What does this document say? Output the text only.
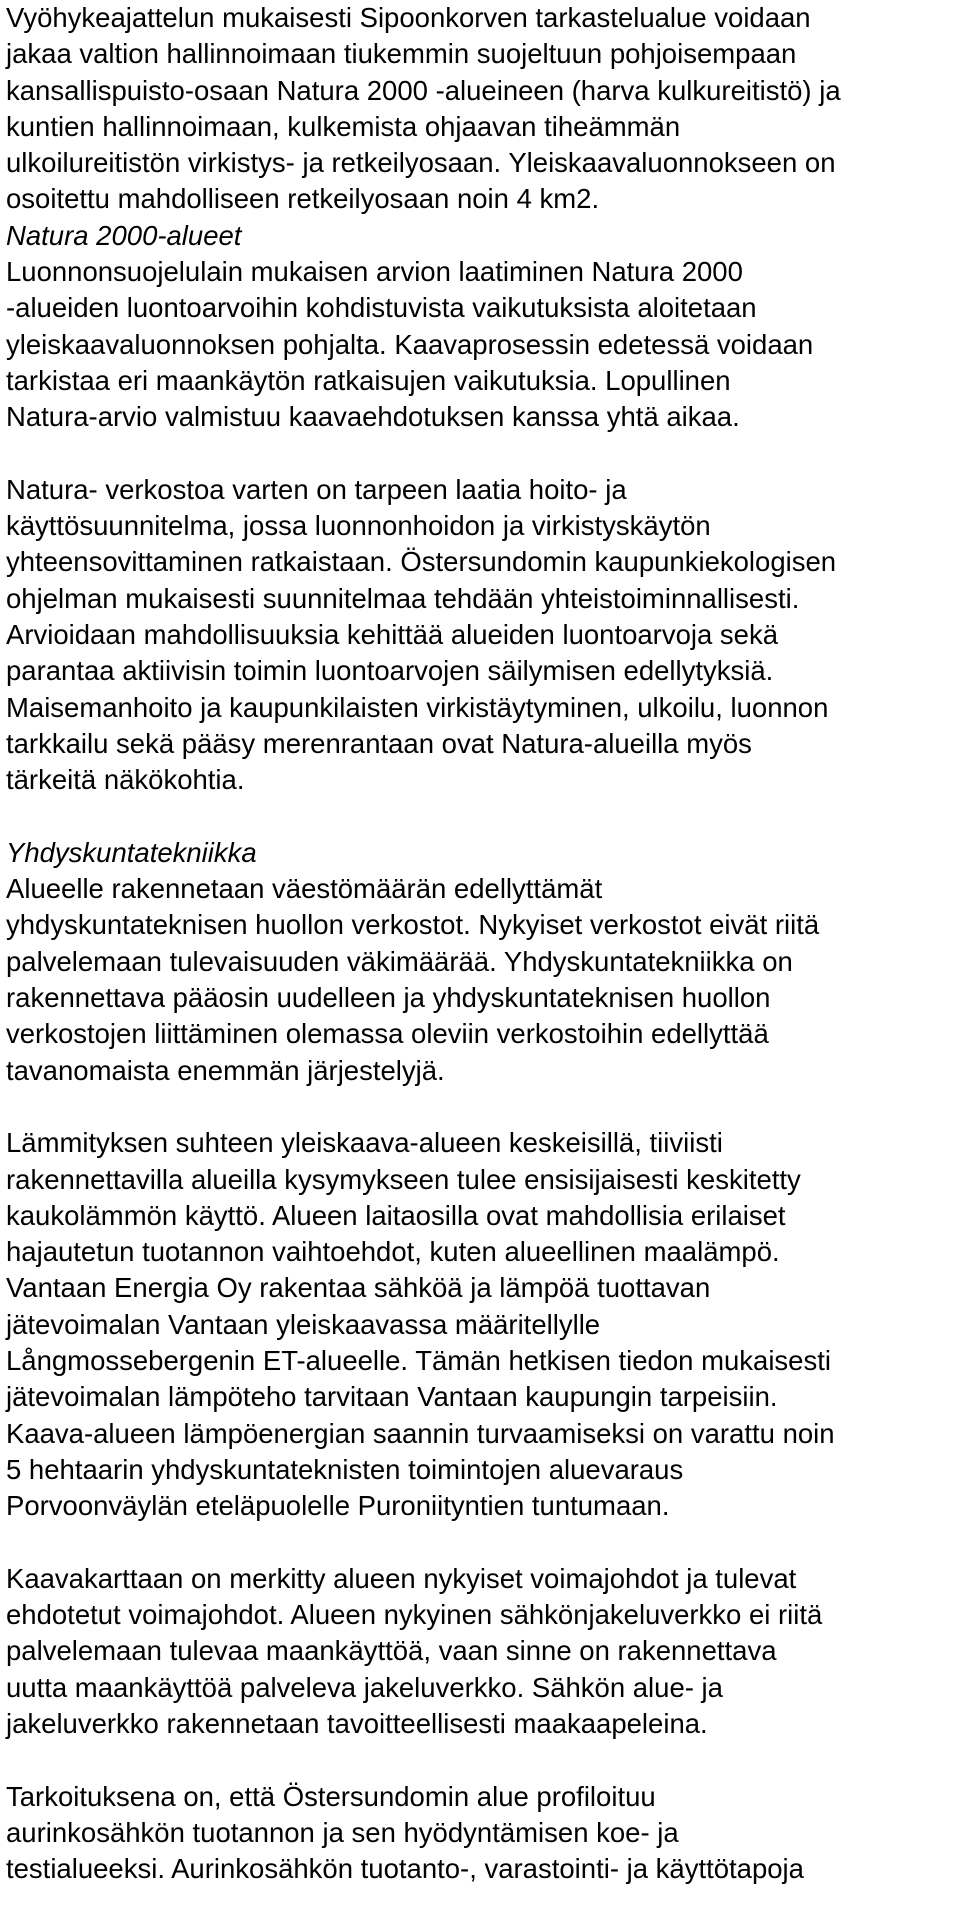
Vyöhykeajattelun mukaisesti Sipoonkorven tarkastelualue voidaan
jakaa valtion hallinnoimaan tiukemmin suojeltuun pohjoisempaan
kansallispuisto-osaan Natura 2000 -alueineen (harva kulkureitistö) ja
kuntien hallinnoimaan, kulkemista ohjaavan tiheämmän
ulkoilureitistön virkistys- ja retkeilyosaan. Yleiskaavaluonnokseen on
osoitettu mahdolliseen retkeilyosaan noin 4 km2.
Natura 2000-alueet
Luonnonsuojelulain mukaisen arvion laatiminen Natura 2000
-alueiden luontoarvoihin kohdistuvista vaikutuksista aloitetaan
yleiskaavaluonnoksen pohjalta. Kaavaprosessin edetessä voidaan
tarkistaa eri maankäytön ratkaisujen vaikutuksia. Lopullinen
Natura-arvio valmistuu kaavaehdotuksen kanssa yhtä aikaa.
Natura- verkostoa varten on tarpeen laatia hoito- ja
käyttösuunnitelma, jossa luonnonhoidon ja virkistyskäytön
yhteensovittaminen ratkaistaan. Östersundomin kaupunkiekologisen
ohjelman mukaisesti suunnitelmaa tehdään yhteistoiminnallisesti.
Arvioidaan mahdollisuuksia kehittää alueiden luontoarvoja sekä
parantaa aktiivisin toimin luontoarvojen säilymisen edellytyksiä.
Maisemanhoito ja kaupunkilaisten virkistäytyminen, ulkoilu, luonnon
tarkkailu sekä pääsy merenrantaan ovat Natura-alueilla myös
tärkeitä näkökohtia.
Yhdyskuntatekniikka
Alueelle rakennetaan väestömäärän edellyttämät
yhdyskuntateknisen huollon verkostot. Nykyiset verkostot eivät riitä
palvelemaan tulevaisuuden väkimäärää. Yhdyskuntatekniikka on
rakennettava pääosin uudelleen ja yhdyskuntateknisen huollon
verkostojen liittäminen olemassa oleviin verkostoihin edellyttää
tavanomaista enemmän järjestelyjä.
Lämmityksen suhteen yleiskaava-alueen keskeisillä, tiiviisti
rakennettavilla alueilla kysymykseen tulee ensisijaisesti keskitetty
kaukolämmön käyttö. Alueen laitaosilla ovat mahdollisia erilaiset
hajautetun tuotannon vaihtoehdot, kuten alueellinen maalämpö.
Vantaan Energia Oy rakentaa sähköä ja lämpöä tuottavan
jätevoimalan Vantaan yleiskaavassa määritellylle
Långmossebergenin ET-alueelle. Tämän hetkisen tiedon mukaisesti
jätevoimalan lämpöteho tarvitaan Vantaan kaupungin tarpeisiin.
Kaava-alueen lämpöenergian saannin turvaamiseksi on varattu noin
5 hehtaarin yhdyskuntateknisten toimintojen aluevaraus
Porvoonväylän eteläpuolelle Puroniityntien tuntumaan.
Kaavakarttaan on merkitty alueen nykyiset voimajohdot ja tulevat
ehdotetut voimajohdot. Alueen nykyinen sähkönjakeluverkko ei riitä
palvelemaan tulevaa maankäyttöä, vaan sinne on rakennettava
uutta maankäyttöä palveleva jakeluverkko. Sähkön alue- ja
jakeluverkko rakennetaan tavoitteellisesti maakaapeleina.
Tarkoituksena on, että Östersundomin alue profiloituu
aurinkosähkön tuotannon ja sen hyödyntämisen koe- ja
testialueeksi. Aurinkosähkön tuotanto-, varastointi- ja käyttötapoja
